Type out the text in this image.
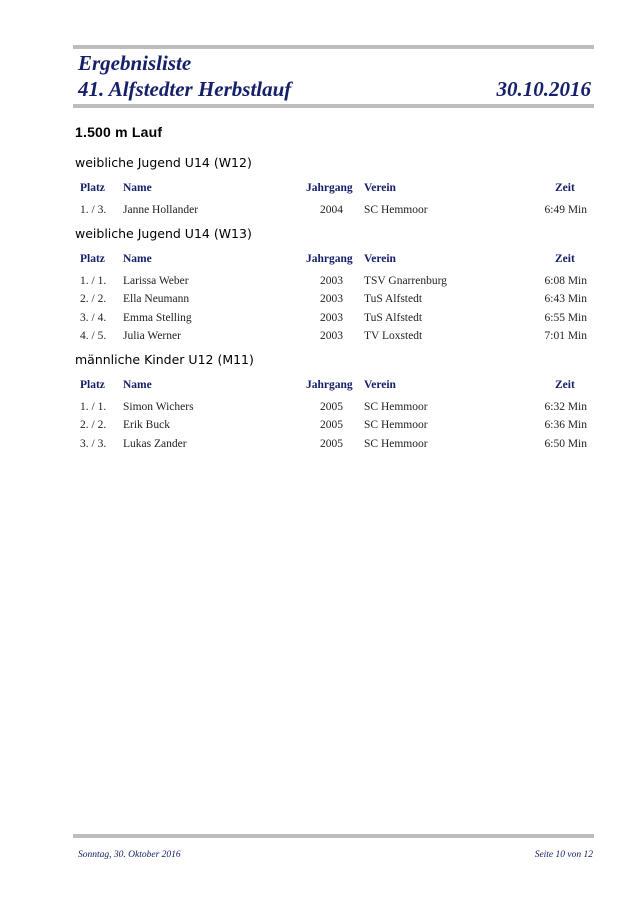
Ergebnisliste
41. Alfstedter Herbstlauf	30.10.2016
1.500 m Lauf
weibliche Jugend U14 (W12)
Platz Name	Jahrgang Verein	Zeit
1. / 3. Janne Hollander	2004 SC Hemmoor	6:49 Min
weibliche Jugend U14 (W13)
Platz Name	Jahrgang Verein	Zeit
1. / 1. Larissa Weber	2003 TSV Gnarrenburg	6:08 Min
2. / 2. Ella Neumann	2003 TuS Alfstedt	6:43 Min
3. / 4. Emma Stelling	2003 TuS Alfstedt	6:55 Min
4. / 5. Julia Werner	2003 TV Loxstedt	7:01 Min
männliche Kinder U12 (M11)
Platz Name	Jahrgang Verein	Zeit
1. / 1. Simon Wichers	2005 SC Hemmoor	6:32 Min
2. / 2. Erik Buck	2005 SC Hemmoor	6:36 Min
3. / 3. Lukas Zander	2005 SC Hemmoor	6:50 Min
Sonntag, 30. Oktober 2016	Seite 10 von 12
